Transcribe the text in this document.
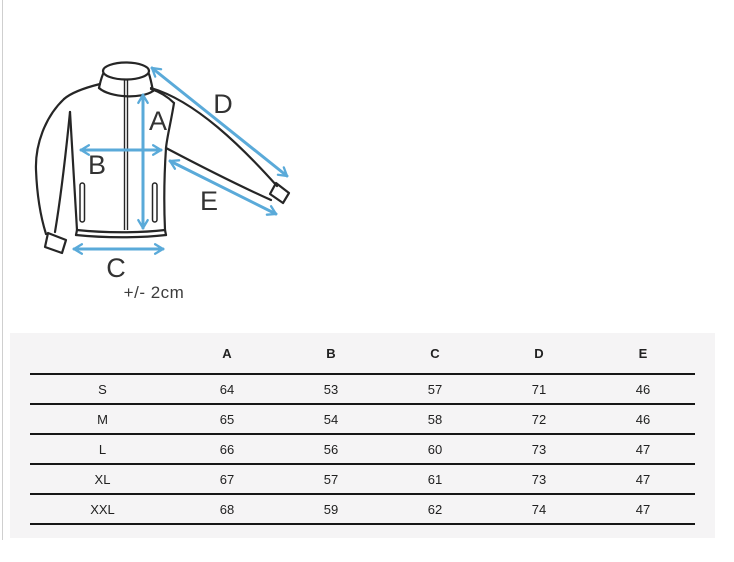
A
B
C
D
E
+/- 2cm
	A	B	C	D	E
S	64	53	57	71	46
M	65	54	58	72	46
L	66	56	60	73	47
XL	67	57	61	73	47
XXL	68	59	62	74	47
